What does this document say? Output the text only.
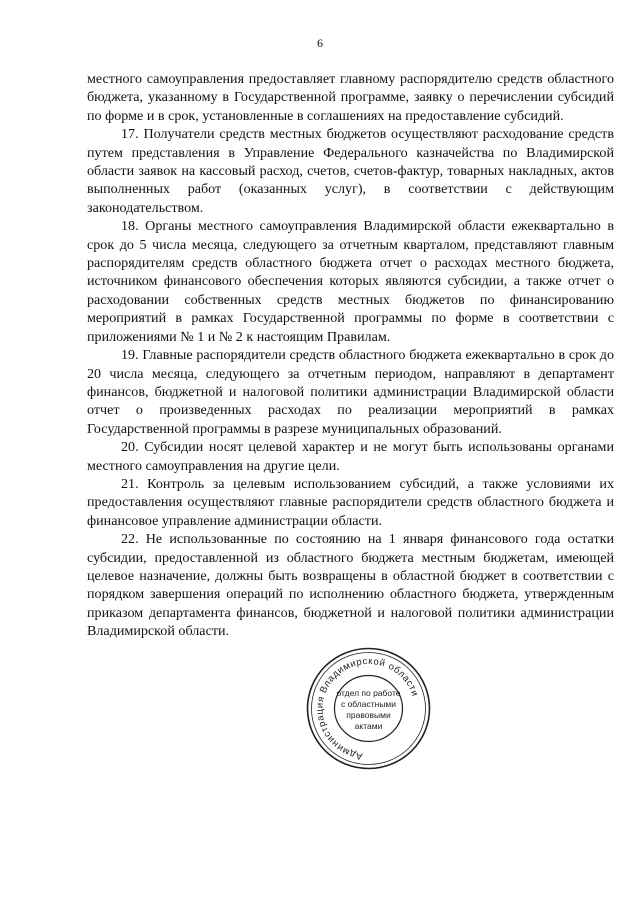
6

местного самоуправления предоставляет главному распорядителю средств областного бюджета, указанному в Государственной программе, заявку о перечислении субсидий по форме и в срок, установленные в соглашениях на предоставление субсидий.

17. Получатели средств местных бюджетов осуществляют расходование средств путем представления в Управление Федерального казначейства по Владимирской области заявок на кассовый расход, счетов, счетов-фактур, товарных накладных, актов выполненных работ (оказанных услуг), в соответствии с действующим законодательством.

18. Органы местного самоуправления Владимирской области ежеквартально в срок до 5 числа месяца, следующего за отчетным кварталом, представляют главным распорядителям средств областного бюджета отчет о расходах местного бюджета, источником финансового обеспечения которых являются субсидии, а также отчет о расходовании собственных средств местных бюджетов по финансированию мероприятий в рамках Государственной программы по форме в соответствии с приложениями № 1 и № 2 к настоящим Правилам.

19. Главные распорядители средств областного бюджета ежеквартально в срок до 20 числа месяца, следующего за отчетным периодом, направляют в департамент финансов, бюджетной и налоговой политики администрации Владимирской области отчет о произведенных расходах по реализации мероприятий в рамках Государственной программы в разрезе муниципальных образований.

20. Субсидии носят целевой характер и не могут быть использованы органами местного самоуправления на другие цели.

21. Контроль за целевым использованием субсидий, а также условиями их предоставления осуществляют главные распорядители средств областного бюджета и финансовое управление администрации области.

22. Не использованные по состоянию на 1 января финансового года остатки субсидии, предоставленной из областного бюджета местным бюджетам, имеющей целевое назначение, должны быть возвращены в областной бюджет в соответствии с порядком завершения операций по исполнению областного бюджета, утвержденным приказом департамента финансов, бюджетной и налоговой политики администрации Владимирской области.

Администрация Владимирской области
отдел по работе
с областными
правовыми
актами
